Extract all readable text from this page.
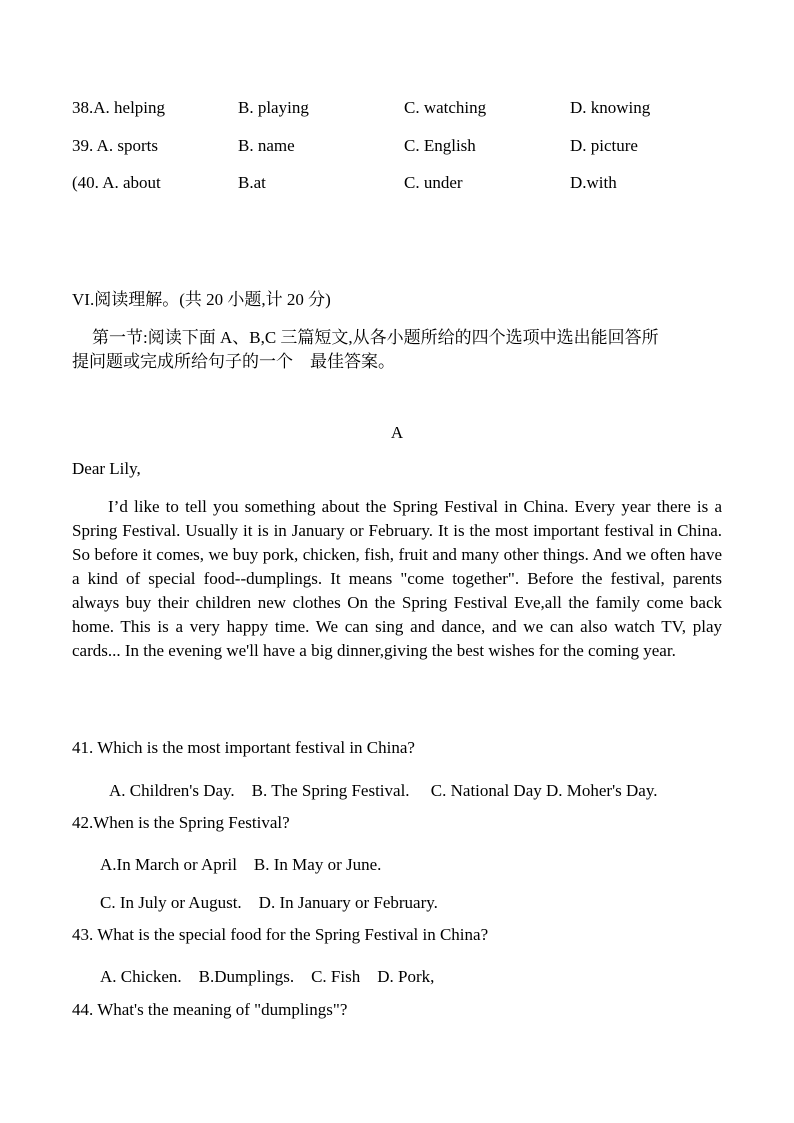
38.A. helping	B. playing	C. watching	D. knowing
39. A. sports	B. name	C. English	D. picture
(40. A. about	B.at	C. under	D.with
VI.阅读理解。(共 20 小题,计 20 分)
第一节:阅读下面 A、B,C 三篇短文,从各小题所给的四个选项中选出能回答所
提问题或完成所给句子的一个　最佳答案。
A
Dear Lily,
I’d like to tell you something about the Spring Festival in China. Every year there is a Spring Festival. Usually it is in January or February. It is the most important festival in China. So before it comes, we buy pork, chicken, fish, fruit and many other things. And we often have a kind of special food--dumplings. It means "come together". Before the festival, parents always buy their children new clothes On the Spring Festival Eve,all the family come back home. This is a very happy time. We can sing and dance, and we can also watch TV, play cards... In the evening we'll have a big dinner,giving the best wishes for the coming year.
41. Which is the most important festival in China?
A. Children's Day.　B. The Spring Festival.　 C. National Day D. Moher's Day.
42.When is the Spring Festival?
A.In March or April　B. In May or June.
C. In July or August.　D. In January or February.
43. What is the special food for the Spring Festival in China?
A. Chicken.　B.Dumplings.　C. Fish　D. Pork,
44. What's the meaning of "dumplings"?
